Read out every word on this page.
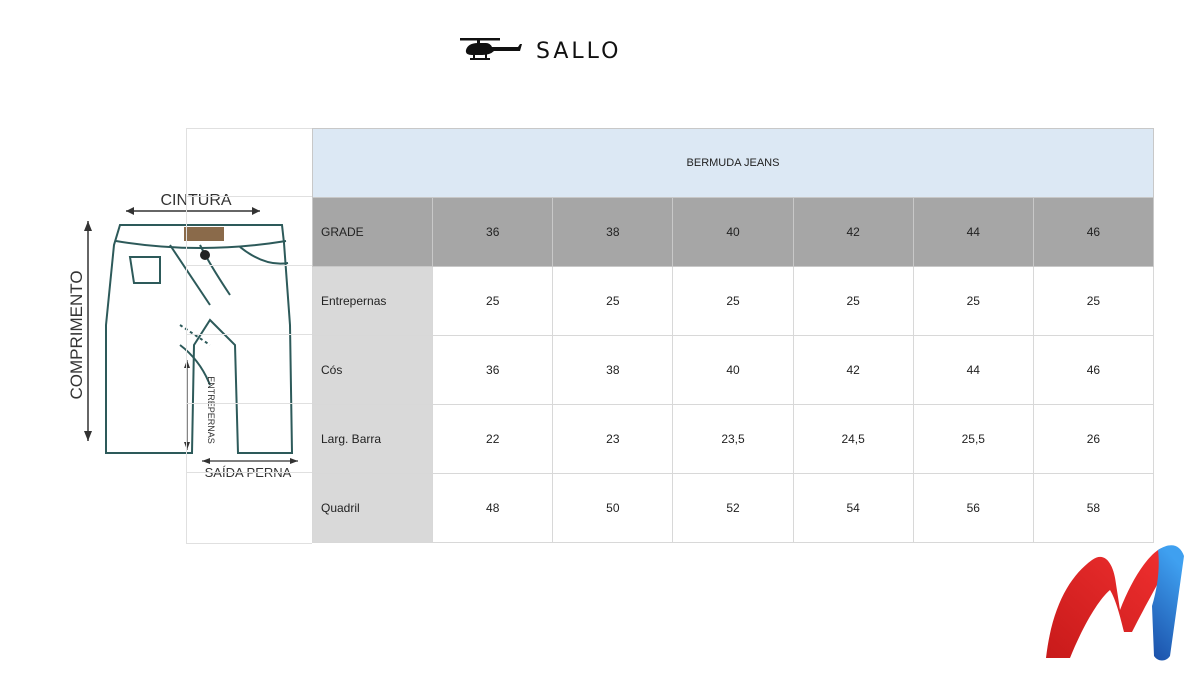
SALLO
CINTURA
COMPRIMENTO
ENTREPERNAS
SAÍDA PERNA
BERMUDA JEANS						
GRADE	36	38	40	42	44	46
Entrepernas	25	25	25	25	25	25
Cós	36	38	40	42	44	46
Larg. Barra	22	23	23,5	24,5	25,5	26
Quadril	48	50	52	54	56	58
